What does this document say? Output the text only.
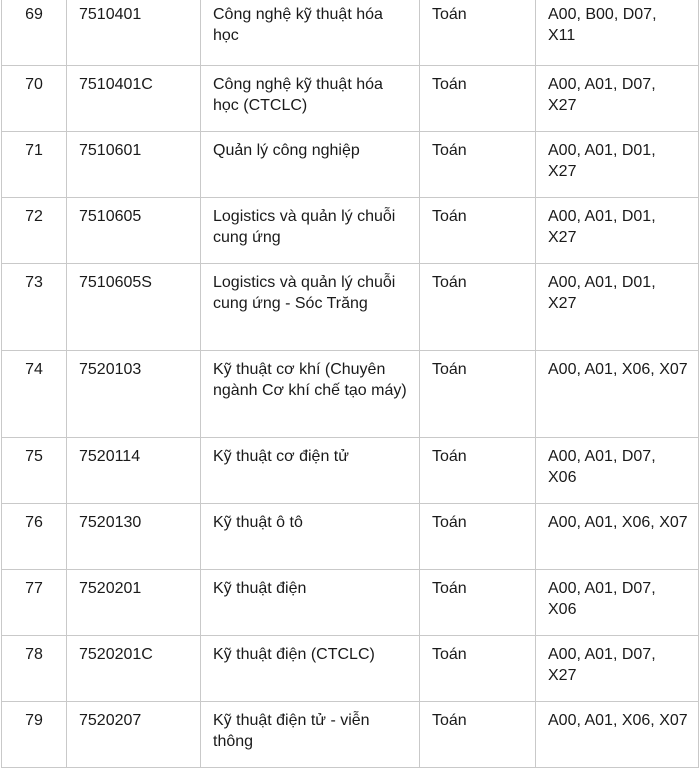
69	7510401	Công nghệ kỹ thuật hóa học	Toán	A00, B00, D07, X11
70	7510401C	Công nghệ kỹ thuật hóa học (CTCLC)	Toán	A00, A01, D07, X27
71	7510601	Quản lý công nghiệp	Toán	A00, A01, D01, X27
72	7510605	Logistics và quản lý chuỗi cung ứng	Toán	A00, A01, D01, X27
73	7510605S	Logistics và quản lý chuỗi cung ứng - Sóc Trăng	Toán	A00, A01, D01, X27
74	7520103	Kỹ thuật cơ khí (Chuyên ngành Cơ khí chế tạo máy)	Toán	A00, A01, X06, X07
75	7520114	Kỹ thuật cơ điện tử	Toán	A00, A01, D07, X06
76	7520130	Kỹ thuật ô tô	Toán	A00, A01, X06, X07
77	7520201	Kỹ thuật điện	Toán	A00, A01, D07, X06
78	7520201C	Kỹ thuật điện (CTCLC)	Toán	A00, A01, D07, X27
79	7520207	Kỹ thuật điện tử - viễn thông	Toán	A00, A01, X06, X07
